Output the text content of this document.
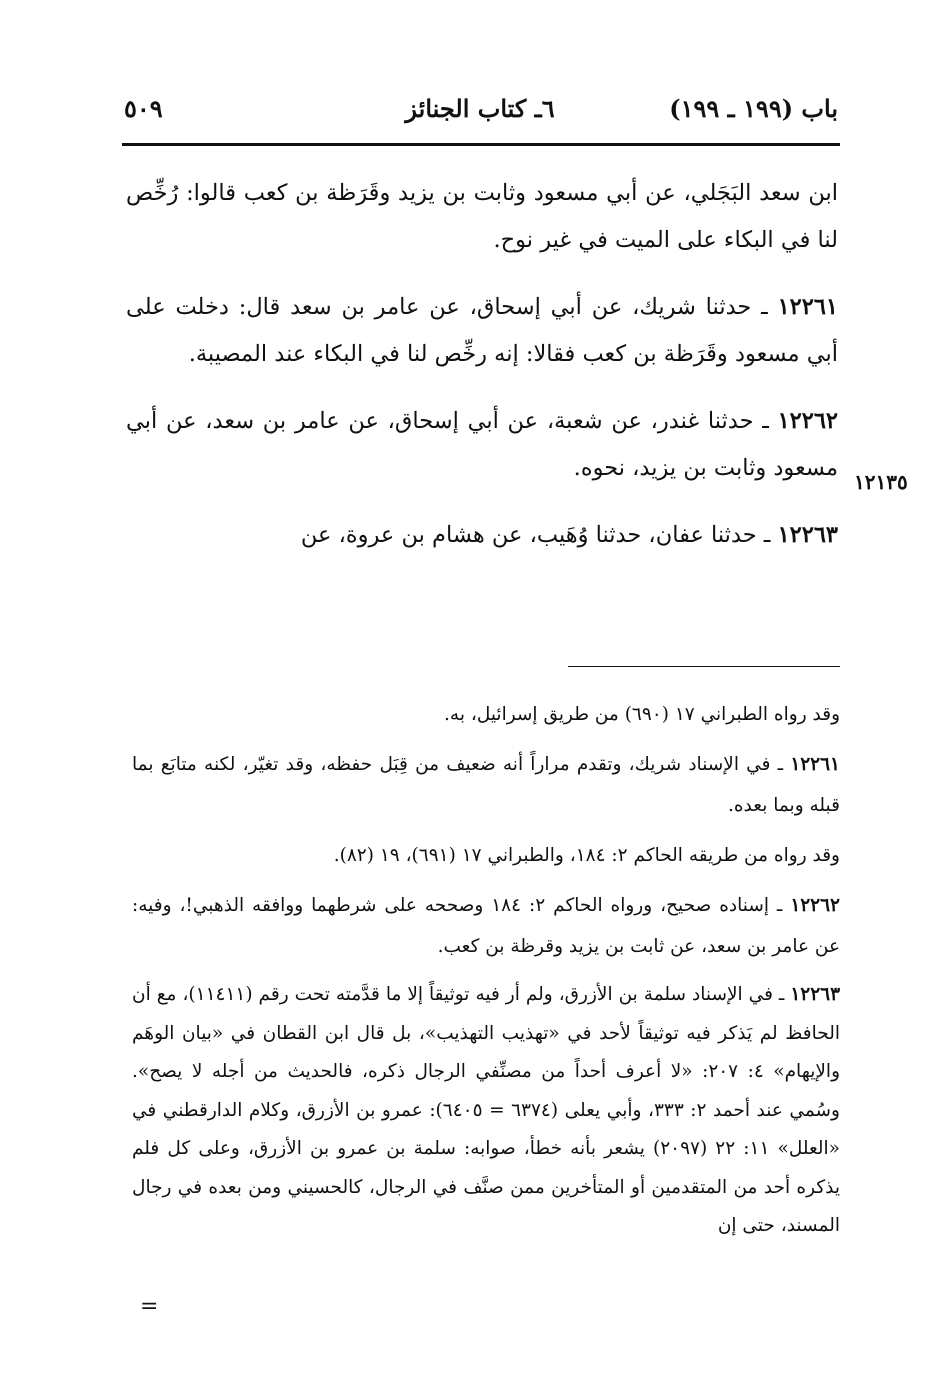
٥٠٩	٦ـ كتاب الجنائز	باب (١٩٩ ـ ١٩٩)
١٢١٣٥

ابن سعد البَجَلي، عن أبي مسعود وثابت بن يزيد وقَرَظة بن كعب قالوا: رُخِّص لنا في البكاء على الميت في غير نوح.

١٢٢٦١ ـ حدثنا شريك، عن أبي إسحاق، عن عامر بن سعد قال: دخلت على أبي مسعود وقَرَظة بن كعب فقالا: إنه رخِّص لنا في البكاء عند المصيبة.

١٢٢٦٢ ـ حدثنا غندر، عن شعبة، عن أبي إسحاق، عن عامر بن سعد، عن أبي مسعود وثابت بن يزيد، نحوه.

١٢٢٦٣ ـ حدثنا عفان، حدثنا وُهَيب، عن هشام بن عروة، عن

وقد رواه الطبراني ١٧ (٦٩٠) من طريق إسرائيل، به.

١٢٢٦١ ـ في الإسناد شريك، وتقدم مراراً أنه ضعيف من قِبَل حفظه، وقد تغيّر، لكنه متابَع بما قبله وبما بعده.

وقد رواه من طريقه الحاكم ٢: ١٨٤، والطبراني ١٧ (٦٩١)، ١٩ (٨٢).

١٢٢٦٢ ـ إسناده صحيح، ورواه الحاكم ٢: ١٨٤ وصححه على شرطهما ووافقه الذهبي!، وفيه: عن عامر بن سعد، عن ثابت بن يزيد وقرظة بن كعب.

١٢٢٦٣ ـ في الإسناد سلمة بن الأزرق، ولم أر فيه توثيقاً إلا ما قدَّمته تحت رقم (١١٤١١)، مع أن الحافظ لم يَذكر فيه توثيقاً لأحد في «تهذيب التهذيب»، بل قال ابن القطان في «بيان الوهَم والإيهام» ٤: ٢٠٧: «لا أعرف أحداً من مصنِّفي الرجال ذكره، فالحديث من أجله لا يصح». وسُمي عند أحمد ٢: ٣٣٣، وأبي يعلى (٦٣٧٤ = ٦٤٠٥): عمرو بن الأزرق، وكلام الدارقطني في «العلل» ١١: ٢٢ (٢٠٩٧) يشعر بأنه خطأ، صوابه: سلمة بن عمرو بن الأزرق، وعلى كل فلم يذكره أحد من المتقدمين أو المتأخرين ممن صنَّف في الرجال، كالحسيني ومن بعده في رجال المسند، حتى إن

=
